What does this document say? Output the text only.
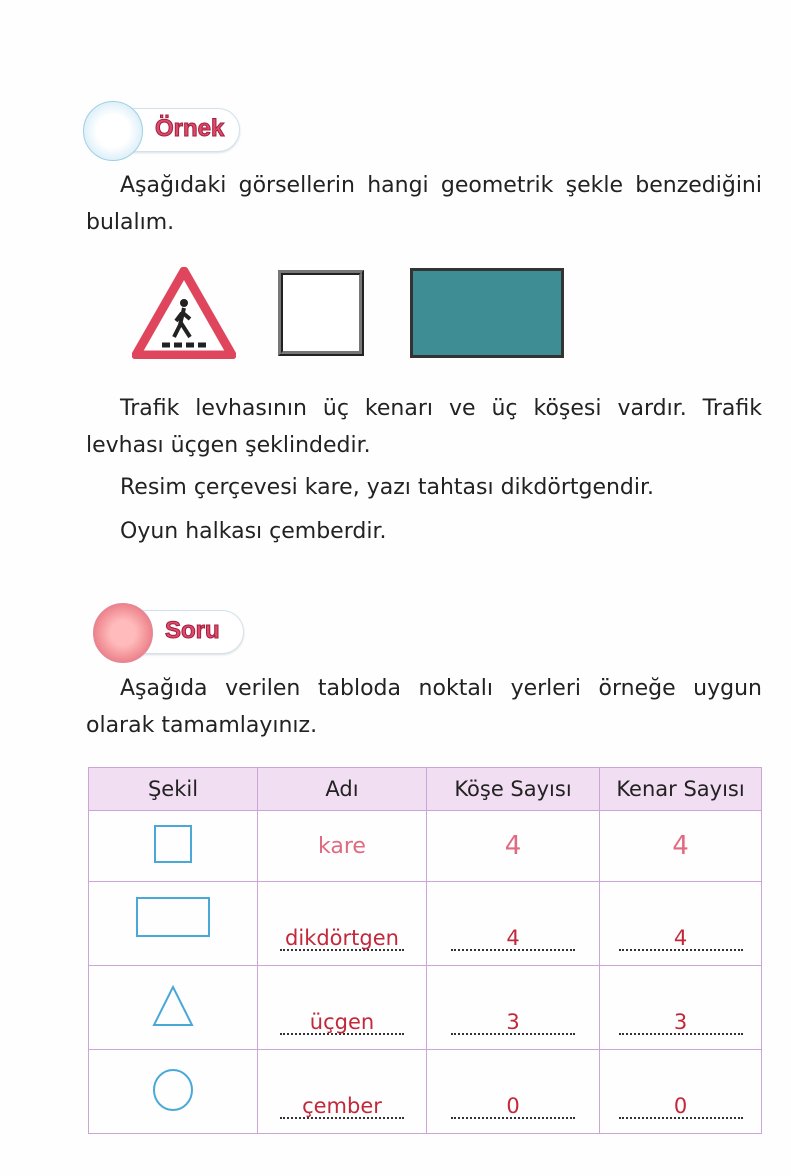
Örnek
Aşağıdaki görsellerin hangi geometrik şekle benzediğini bulalım.
Trafik levhasının üç kenarı ve üç köşesi vardır. Trafik levhası üçgen şeklindedir.
Resim çerçevesi kare, yazı tahtası dikdörtgendir.
Oyun halkası çemberdir.
Soru
Aşağıda verilen tabloda noktalı yerleri örneğe uygun olarak tamamlayınız.
Şekil	Adı	Köşe Sayısı	Kenar Sayısı
	kare	4	4
	dikdörtgen	4	4
	üçgen	3	3
	çember	0	0
